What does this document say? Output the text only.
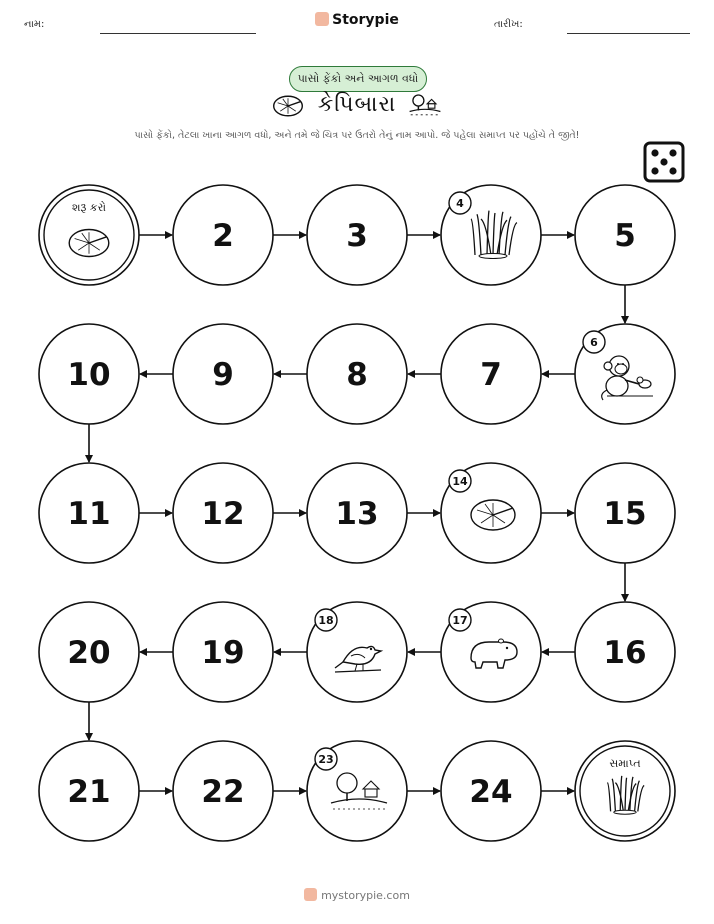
નામ:	Storypie	તારીખ:
પાસો ફેંકો અને આગળ વધો
કેપિબારા
પાસો ફેંકો, તેટલા ખાના આગળ વધો, અને તમે જે ચિત્ર પર ઉતરો તેનું નામ આપો. જે પહેલા સમાપ્ત પર પહોંચે તે જીતે!
શરૂ કરો
2	3
4
5
6
7
8
9
10
11	12	13
14
15
16
17
18
19
20
21	22
23
24
સમાપ્ત
mystorypie.com
